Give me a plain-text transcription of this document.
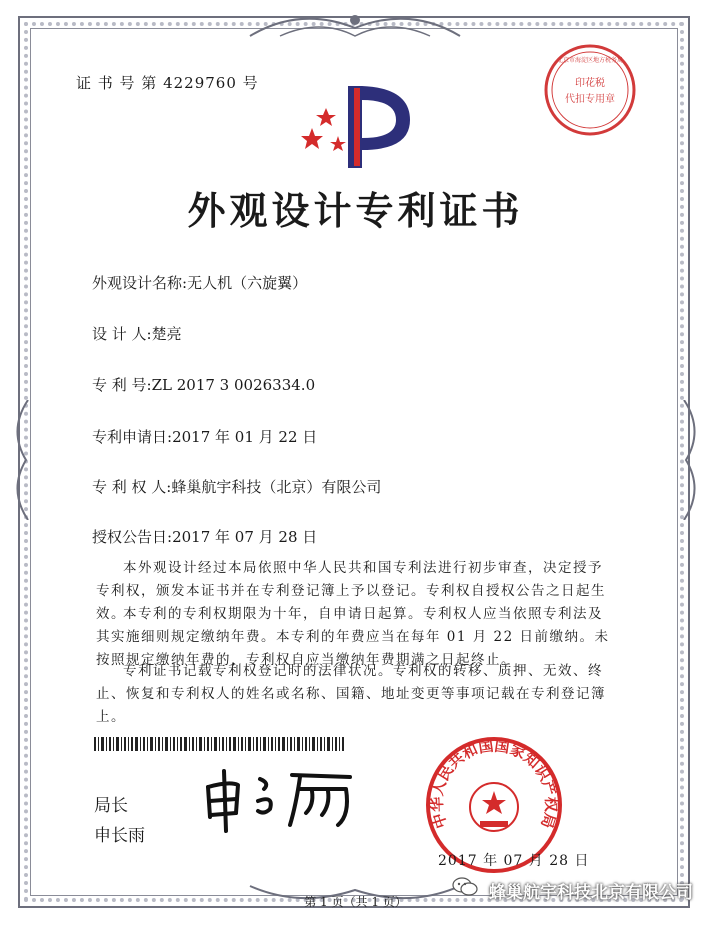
证 书 号 第 4229760 号	印花税
代扣专用章
北京市海淀区地方税务局
外观设计专利证书
外观设计名称:无人机（六旋翼）
设 计 人:楚亮
专 利 号:ZL 2017 3 0026334.0
专利申请日:2017 年 01 月 22 日
专 利 权 人:蜂巢航宇科技（北京）有限公司
授权公告日:2017 年 07 月 28 日
本外观设计经过本局依照中华人民共和国专利法进行初步审查，决定授予专利权，颁发本证书并在专利登记簿上予以登记。专利权自授权公告之日起生效。
本专利的专利权期限为十年，自申请日起算。专利权人应当依照专利法及其实施细则规定缴纳年费。本专利的年费应当在每年 01 月 22 日前缴纳。未按照规定缴纳年费的，专利权自应当缴纳年费期满之日起终止。
专利证书记载专利权登记时的法律状况。专利权的转移、质押、无效、终止、恢复和专利权人的姓名或名称、国籍、地址变更等事项记载在专利登记簿上。
局长
申长雨
中华人民共和国国家知识产权局
2017 年 07 月 28 日
第 1 页（共 1 页）	蜂巢航宇科技北京有限公司
